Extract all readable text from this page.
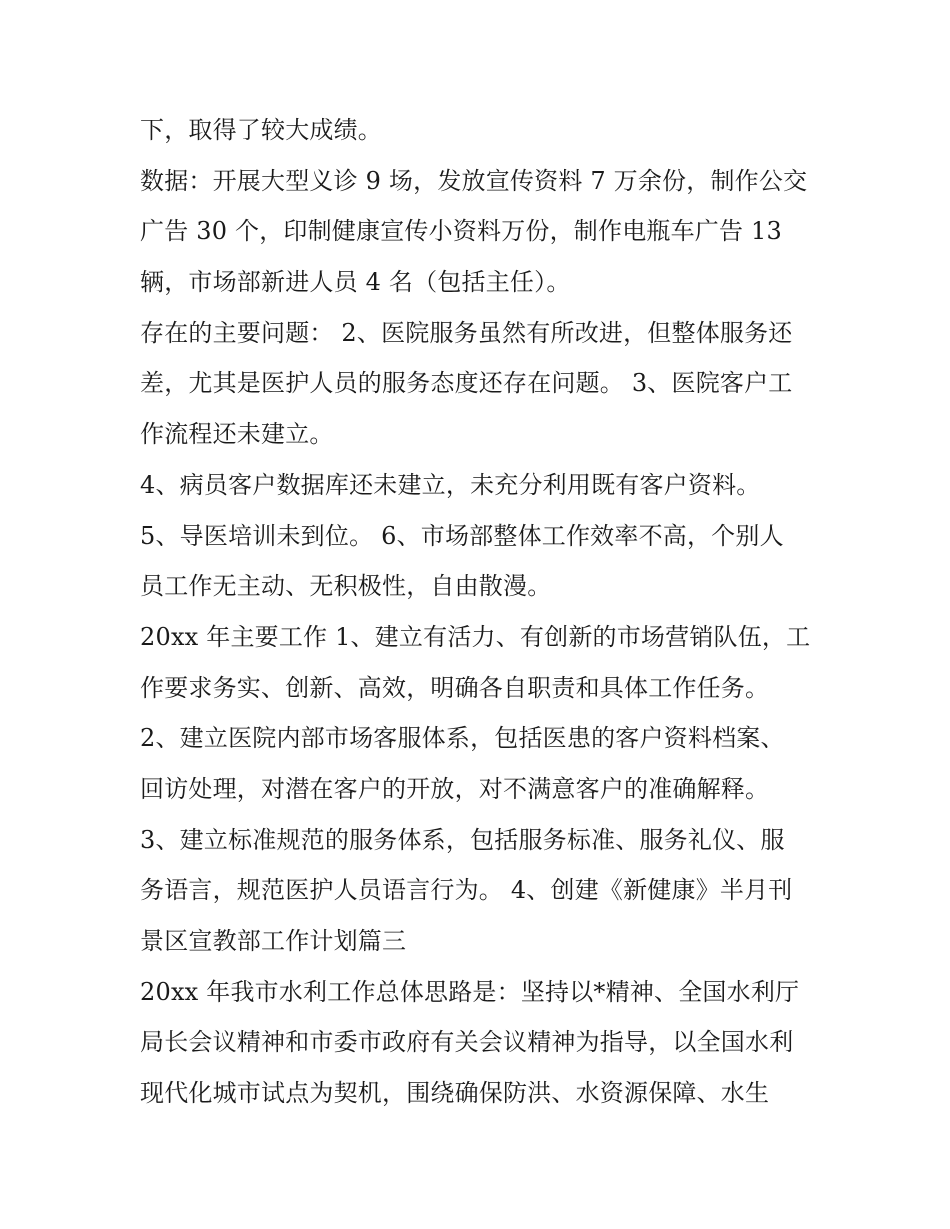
下，取得了较大成绩。
数据：开展大型义诊 9 场，发放宣传资料 7 万余份，制作公交
广告 30 个，印制健康宣传小资料万份，制作电瓶车广告 13
辆，市场部新进人员 4 名（包括主任）。
存在的主要问题： 2、医院服务虽然有所改进，但整体服务还
差，尤其是医护人员的服务态度还存在问题。 3、医院客户工
作流程还未建立。
4、病员客户数据库还未建立，未充分利用既有客户资料。
5、导医培训未到位。 6、市场部整体工作效率不高，个别人
员工作无主动、无积极性，自由散漫。
20xx 年主要工作 1、建立有活力、有创新的市场营销队伍，工
作要求务实、创新、高效，明确各自职责和具体工作任务。
2、建立医院内部市场客服体系，包括医患的客户资料档案、
回访处理，对潜在客户的开放，对不满意客户的准确解释。
3、建立标准规范的服务体系，包括服务标准、服务礼仪、服
务语言，规范医护人员语言行为。 4、创建《新健康》半月刊
景区宣教部工作计划篇三
20xx 年我市水利工作总体思路是：坚持以*精神、全国水利厅
局长会议精神和市委市政府有关会议精神为指导，以全国水利
现代化城市试点为契机，围绕确保防洪、水资源保障、水生
